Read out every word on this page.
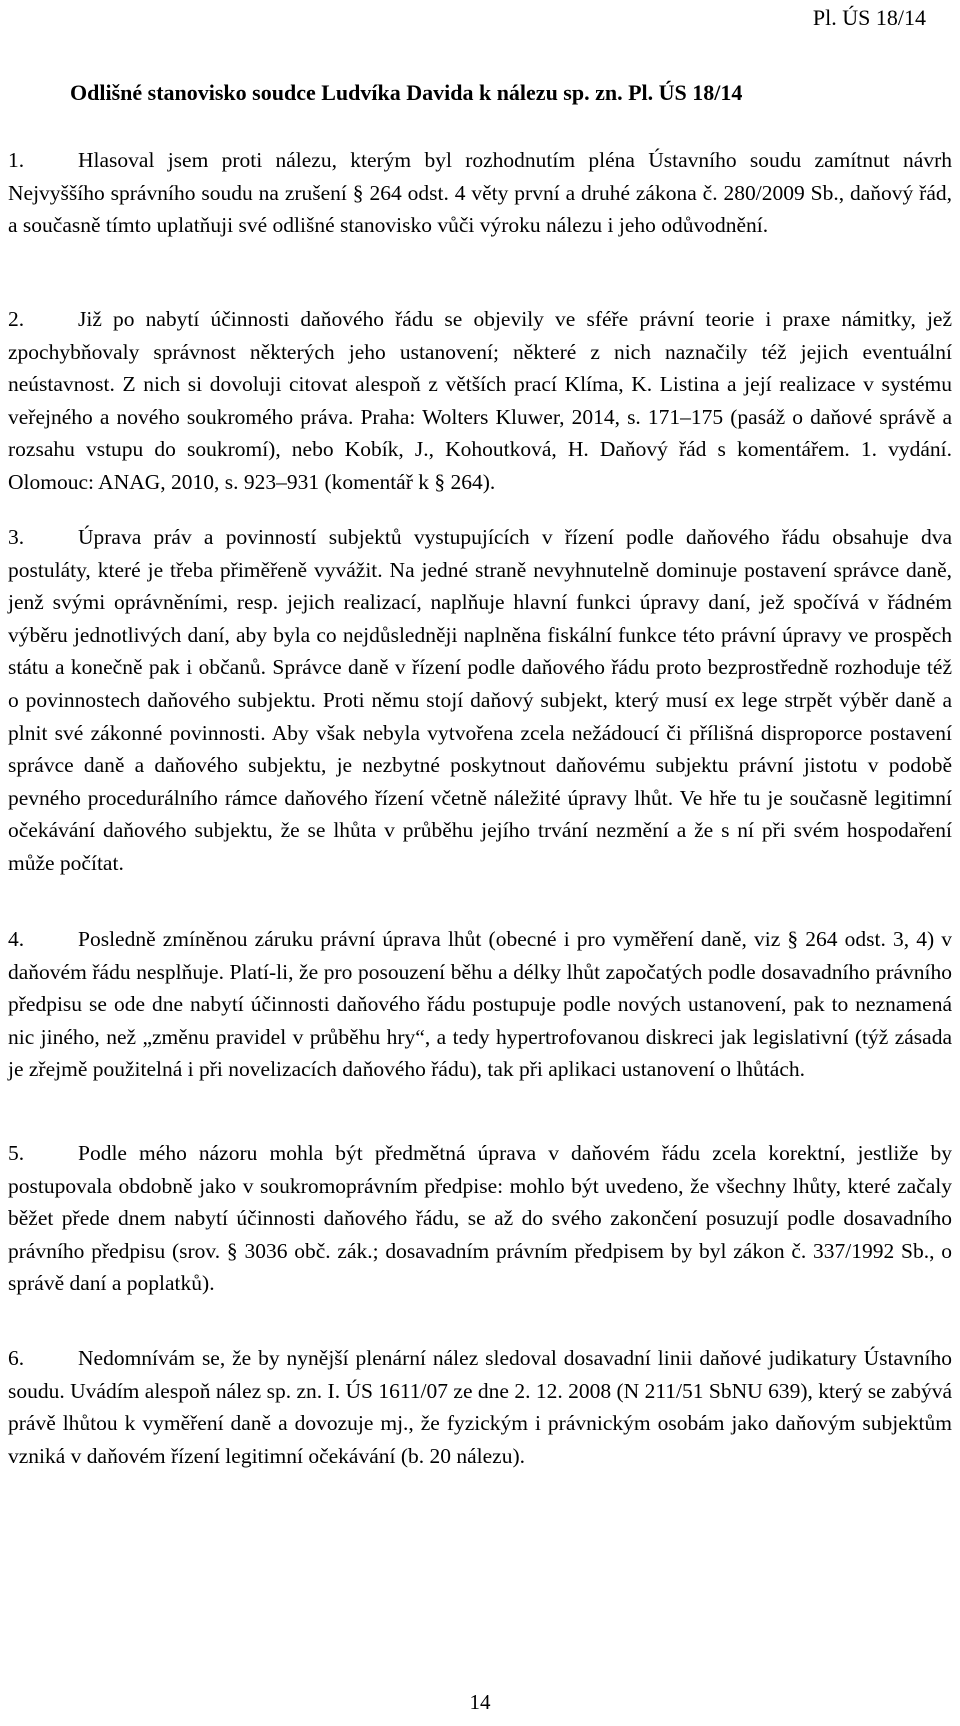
Pl. ÚS 18/14
Odlišné stanovisko soudce Ludvíka Davida k nálezu sp. zn. Pl. ÚS 18/14
1.	Hlasoval jsem proti nálezu, kterým byl rozhodnutím pléna Ústavního soudu zamítnut návrh Nejvyššího správního soudu na zrušení § 264 odst. 4 věty první a druhé zákona č. 280/2009 Sb., daňový řád, a současně tímto uplatňuji své odlišné stanovisko vůči výroku nálezu i jeho odůvodnění.
2.	Již po nabytí účinnosti daňového řádu se objevily ve sféře právní teorie i praxe námitky, jež zpochybňovaly správnost některých jeho ustanovení; některé z nich naznačily též jejich eventuální neústavnost. Z nich si dovoluji citovat alespoň z větších prací Klíma, K. Listina a její realizace v systému veřejného a nového soukromého práva. Praha: Wolters Kluwer, 2014, s. 171–175 (pasáž o daňové správě a rozsahu vstupu do soukromí), nebo Kobík, J., Kohoutková, H. Daňový řád s komentářem. 1. vydání. Olomouc: ANAG, 2010, s. 923–931 (komentář k § 264).
3.	Úprava práv a povinností subjektů vystupujících v řízení podle daňového řádu obsahuje dva postuláty, které je třeba přiměřeně vyvážit. Na jedné straně nevyhnutelně dominuje postavení správce daně, jenž svými oprávněními, resp. jejich realizací, naplňuje hlavní funkci úpravy daní, jež spočívá v řádném výběru jednotlivých daní, aby byla co nejdůsledněji naplněna fiskální funkce této právní úpravy ve prospěch státu a konečně pak i občanů. Správce daně v řízení podle daňového řádu proto bezprostředně rozhoduje též o povinnostech daňového subjektu. Proti němu stojí daňový subjekt, který musí ex lege strpět výběr daně a plnit své zákonné povinnosti. Aby však nebyla vytvořena zcela nežádoucí či přílišná disproporce postavení správce daně a daňového subjektu, je nezbytné poskytnout daňovému subjektu právní jistotu v podobě pevného procedurálního rámce daňového řízení včetně náležité úpravy lhůt. Ve hře tu je současně legitimní očekávání daňového subjektu, že se lhůta v průběhu jejího trvání nezmění a že s ní při svém hospodaření může počítat.
4.	Posledně zmíněnou záruku právní úprava lhůt (obecné i pro vyměření daně, viz § 264 odst. 3, 4) v daňovém řádu nesplňuje. Platí-li, že pro posouzení běhu a délky lhůt započatých podle dosavadního právního předpisu se ode dne nabytí účinnosti daňového řádu postupuje podle nových ustanovení, pak to neznamená nic jiného, než „změnu pravidel v průběhu hry“, a tedy hypertrofovanou diskreci jak legislativní (týž zásada je zřejmě použitelná i při novelizacích daňového řádu), tak při aplikaci ustanovení o lhůtách.
5.	Podle mého názoru mohla být předmětná úprava v daňovém řádu zcela korektní, jestliže by postupovala obdobně jako v soukromoprávním předpise: mohlo být uvedeno, že všechny lhůty, které začaly běžet přede dnem nabytí účinnosti daňového řádu, se až do svého zakončení posuzují podle dosavadního právního předpisu (srov. § 3036 obč. zák.; dosavadním právním předpisem by byl zákon č. 337/1992 Sb., o správě daní a poplatků).
6.	Nedomnívám se, že by nynější plenární nález sledoval dosavadní linii daňové judikatury Ústavního soudu. Uvádím alespoň nález sp. zn. I. ÚS 1611/07 ze dne 2. 12. 2008 (N 211/51 SbNU 639), který se zabývá právě lhůtou k vyměření daně a dovozuje mj., že fyzickým i právnickým osobám jako daňovým subjektům vzniká v daňovém řízení legitimní očekávání (b. 20 nálezu).
14
